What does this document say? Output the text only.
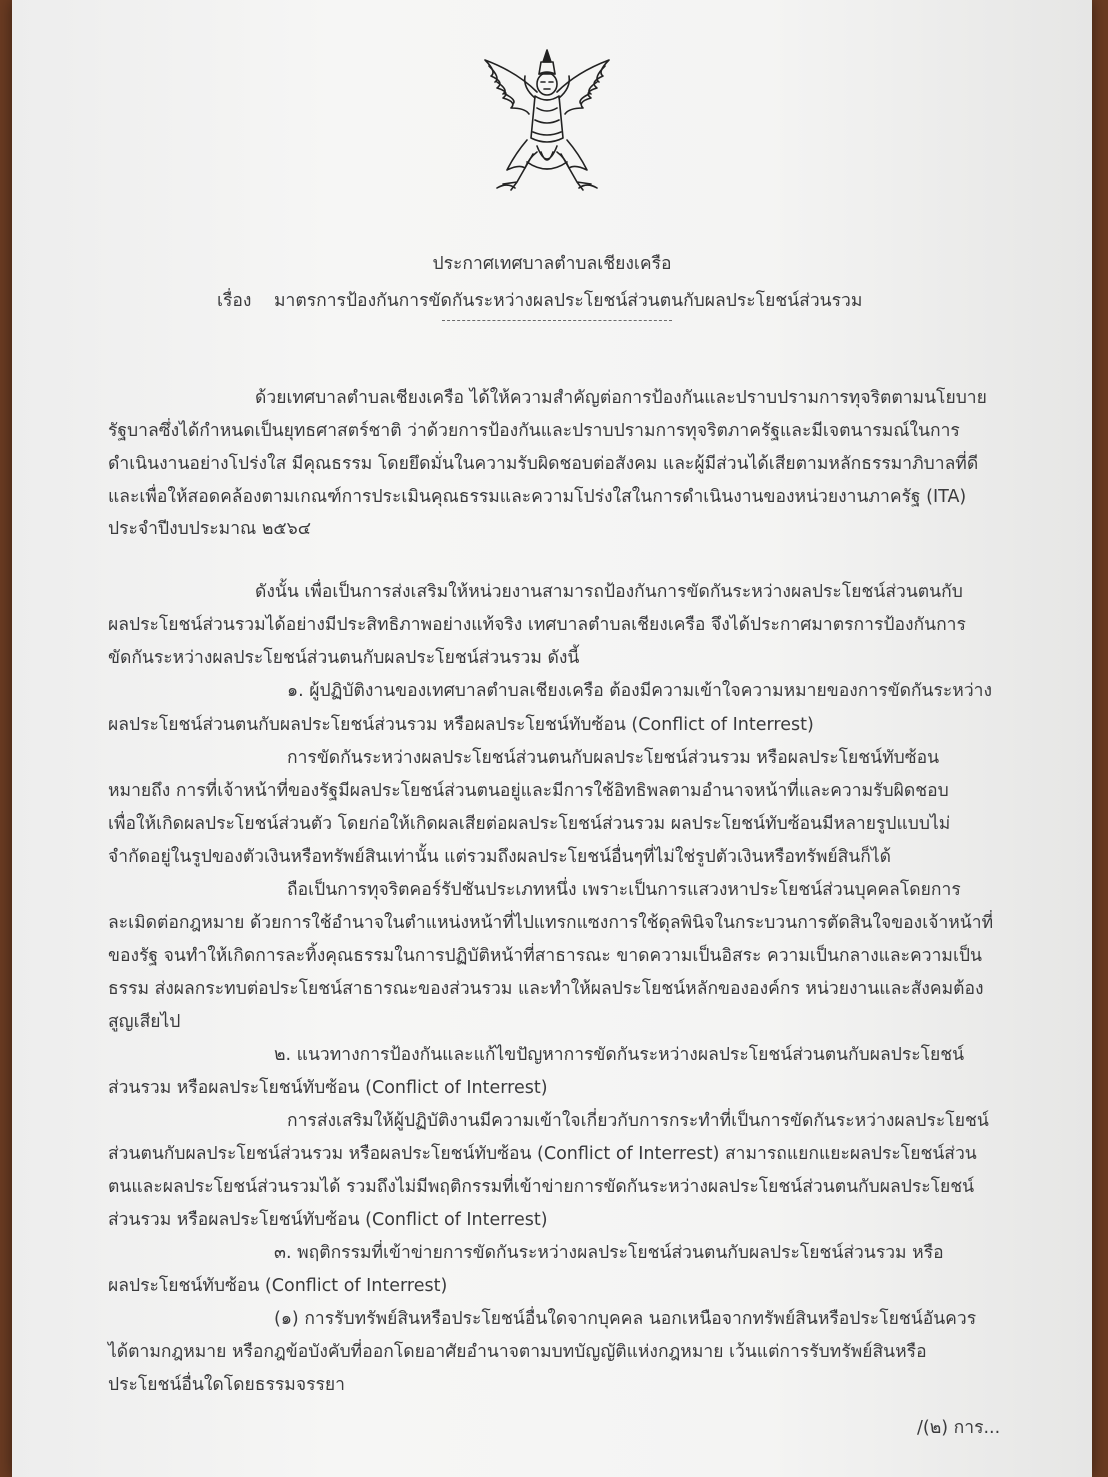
ประกาศเทศบาลตำบลเชียงเครือ
เรื่อง มาตรการป้องกันการขัดกันระหว่างผลประโยชน์ส่วนตนกับผลประโยชน์ส่วนรวม
ด้วยเทศบาลตำบลเชียงเครือ ได้ให้ความสำคัญต่อการป้องกันและปราบปรามการทุจริตตามนโยบาย
รัฐบาลซึ่งได้กำหนดเป็นยุทธศาสตร์ชาติ ว่าด้วยการป้องกันและปราบปรามการทุจริตภาครัฐและมีเจตนารมณ์ในการ
ดำเนินงานอย่างโปร่งใส มีคุณธรรม โดยยึดมั่นในความรับผิดชอบต่อสังคม และผู้มีส่วนได้เสียตามหลักธรรมาภิบาลที่ดี
และเพื่อให้สอดคล้องตามเกณฑ์การประเมินคุณธรรมและความโปร่งใสในการดำเนินงานของหน่วยงานภาครัฐ (ITA)
ประจำปีงบประมาณ ๒๕๖๔
ดังนั้น เพื่อเป็นการส่งเสริมให้หน่วยงานสามารถป้องกันการขัดกันระหว่างผลประโยชน์ส่วนตนกับ
ผลประโยชน์ส่วนรวมได้อย่างมีประสิทธิภาพอย่างแท้จริง เทศบาลตำบลเชียงเครือ จึงได้ประกาศมาตรการป้องกันการ
ขัดกันระหว่างผลประโยชน์ส่วนตนกับผลประโยชน์ส่วนรวม ดังนี้
๑. ผู้ปฏิบัติงานของเทศบาลตำบลเชียงเครือ ต้องมีความเข้าใจความหมายของการขัดกันระหว่าง
ผลประโยชน์ส่วนตนกับผลประโยชน์ส่วนรวม หรือผลประโยชน์ทับซ้อน (Conflict of Interrest)
การขัดกันระหว่างผลประโยชน์ส่วนตนกับผลประโยชน์ส่วนรวม หรือผลประโยชน์ทับซ้อน
หมายถึง การที่เจ้าหน้าที่ของรัฐมีผลประโยชน์ส่วนตนอยู่และมีการใช้อิทธิพลตามอำนาจหน้าที่และความรับผิดชอบ
เพื่อให้เกิดผลประโยชน์ส่วนตัว โดยก่อให้เกิดผลเสียต่อผลประโยชน์ส่วนรวม ผลประโยชน์ทับซ้อนมีหลายรูปแบบไม่
จำกัดอยู่ในรูปของตัวเงินหรือทรัพย์สินเท่านั้น แต่รวมถึงผลประโยชน์อื่นๆที่ไม่ใช่รูปตัวเงินหรือทรัพย์สินก็ได้
ถือเป็นการทุจริตคอร์รัปชันประเภทหนึ่ง เพราะเป็นการแสวงหาประโยชน์ส่วนบุคคลโดยการ
ละเมิดต่อกฎหมาย ด้วยการใช้อำนาจในตำแหน่งหน้าที่ไปแทรกแซงการใช้ดุลพินิจในกระบวนการตัดสินใจของเจ้าหน้าที่
ของรัฐ จนทำให้เกิดการละทิ้งคุณธรรมในการปฏิบัติหน้าที่สาธารณะ ขาดความเป็นอิสระ ความเป็นกลางและความเป็น
ธรรม ส่งผลกระทบต่อประโยชน์สาธารณะของส่วนรวม และทำให้ผลประโยชน์หลักขององค์กร หน่วยงานและสังคมต้อง
สูญเสียไป
๒. แนวทางการป้องกันและแก้ไขปัญหาการขัดกันระหว่างผลประโยชน์ส่วนตนกับผลประโยชน์
ส่วนรวม หรือผลประโยชน์ทับซ้อน (Conflict of Interrest)
การส่งเสริมให้ผู้ปฏิบัติงานมีความเข้าใจเกี่ยวกับการกระทำที่เป็นการขัดกันระหว่างผลประโยชน์
ส่วนตนกับผลประโยชน์ส่วนรวม หรือผลประโยชน์ทับซ้อน (Conflict of Interrest) สามารถแยกแยะผลประโยชน์ส่วน
ตนและผลประโยชน์ส่วนรวมได้ รวมถึงไม่มีพฤติกรรมที่เข้าข่ายการขัดกันระหว่างผลประโยชน์ส่วนตนกับผลประโยชน์
ส่วนรวม หรือผลประโยชน์ทับซ้อน (Conflict of Interrest)
๓. พฤติกรรมที่เข้าข่ายการขัดกันระหว่างผลประโยชน์ส่วนตนกับผลประโยชน์ส่วนรวม หรือ
ผลประโยชน์ทับซ้อน (Conflict of Interrest)
(๑) การรับทรัพย์สินหรือประโยชน์อื่นใดจากบุคคล นอกเหนือจากทรัพย์สินหรือประโยชน์อันควร
ได้ตามกฎหมาย หรือกฎข้อบังคับที่ออกโดยอาศัยอำนาจตามบทบัญญัติแห่งกฎหมาย เว้นแต่การรับทรัพย์สินหรือ
ประโยชน์อื่นใดโดยธรรมจรรยา
/(๒) การ...
